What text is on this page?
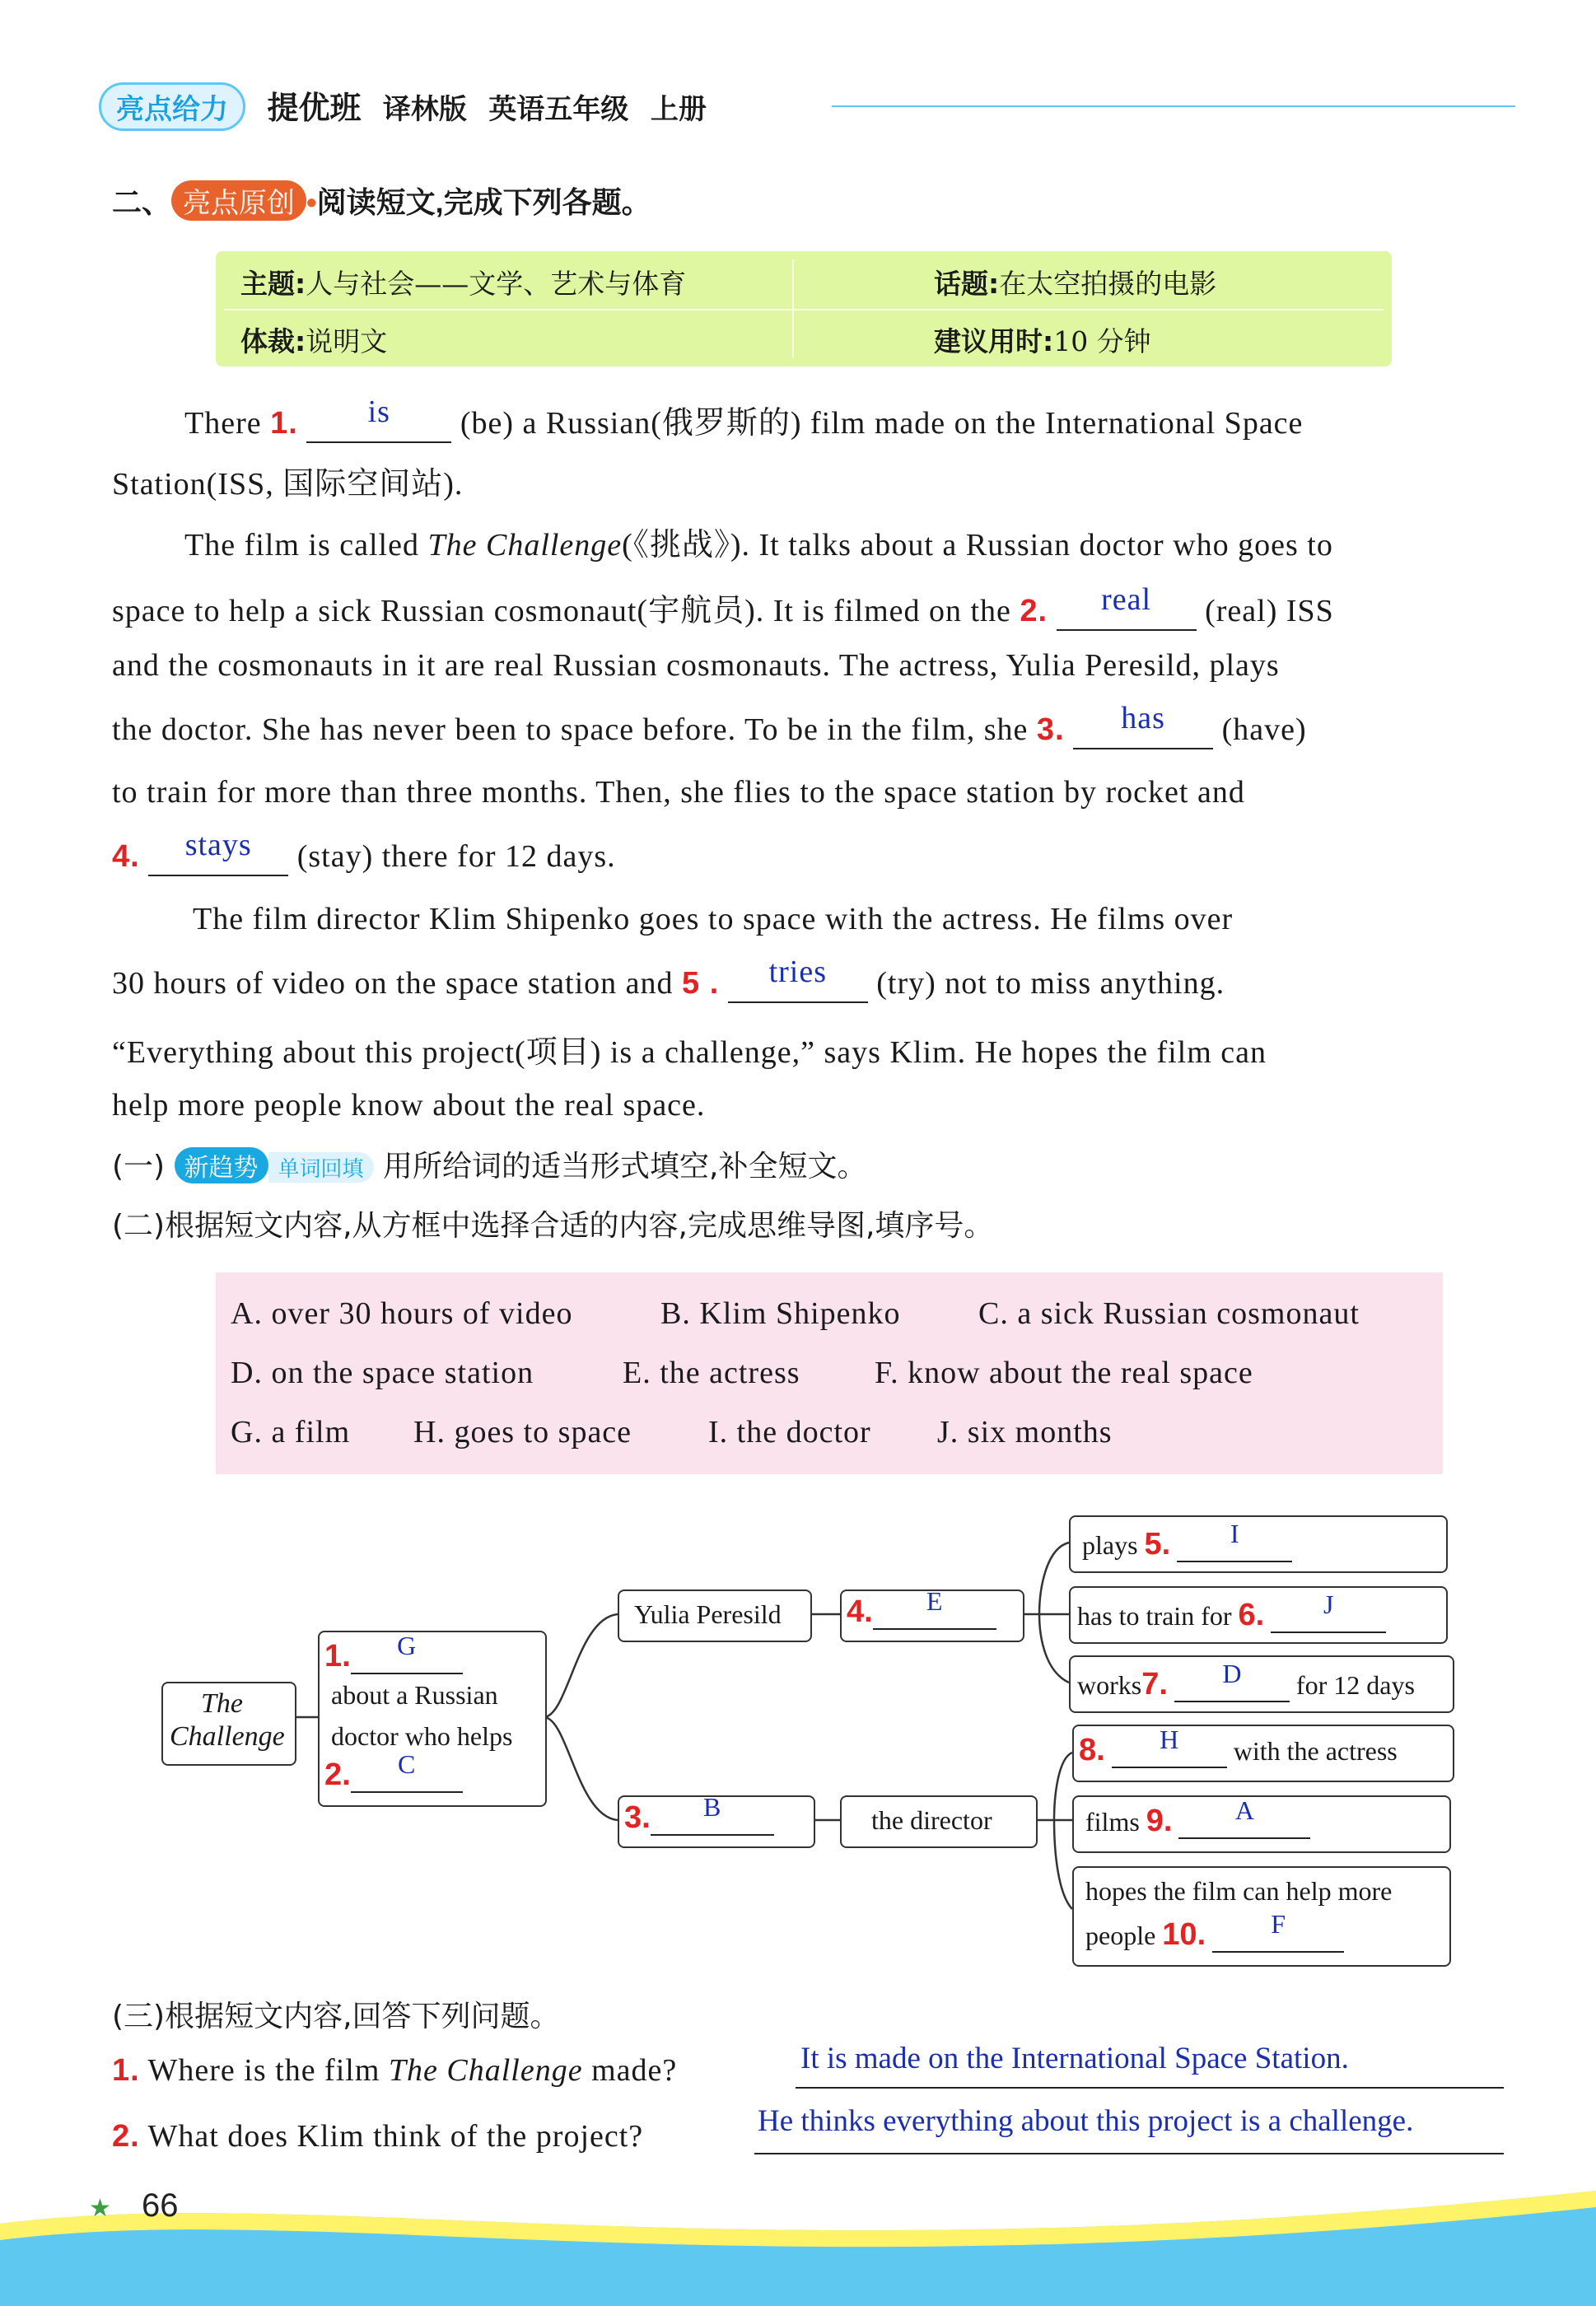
亮点给力 提优班 译林版 英语五年级 上册
二、 亮点原创 •阅读短文,完成下列各题。
主题:人与社会——文学、艺术与体育	话题:在太空拍摄的电影
体裁:说明文	建议用时:10 分钟
There 1. is (be) a Russian(俄罗斯的) film made on the International Space
Station(ISS, 国际空间站).
The film is called The Challenge(《挑战》). It talks about a Russian doctor who goes to
space to help a sick Russian cosmonaut(宇航员). It is filmed on the 2. real (real) ISS
and the cosmonauts in it are real Russian cosmonauts. The actress, Yulia Peresild, plays
the doctor. She has never been to space before. To be in the film, she 3. has (have)
to train for more than three months. Then, she flies to the space station by rocket and
4. stays (stay) there for 12 days.
The film director Klim Shipenko goes to space with the actress. He films over
30 hours of video on the space station and 5 . tries (try) not to miss anything.
“Everything about this project(项目) is a challenge,” says Klim. He hopes the film can
help more people know about the real space.
(一) 新趋势 单词回填 用所给词的适当形式填空,补全短文。
(二)根据短文内容,从方框中选择合适的内容,完成思维导图,填序号。
A. over 30 hours of video	B. Klim Shipenko C. a sick Russian cosmonaut
D. on the space station	E. the actress F. know about the real space
G. a film H. goes to space I. the doctor J. six months
The
Challenge
1. G
about a Russian
doctor who helps
2. C
Yulia Peresild 4. E
3. B	the director
plays 5. I
has to train for 6. J
works7. D for 12 days
8. H with the actress
films 9. A
hopes the film can help more
people 10. F
(三)根据短文内容,回答下列问题。
1. Where is the film The Challenge made?	It is made on the International Space Station.
2. What does Klim think of the project?	He thinks everything about this project is a challenge.
★ 66
